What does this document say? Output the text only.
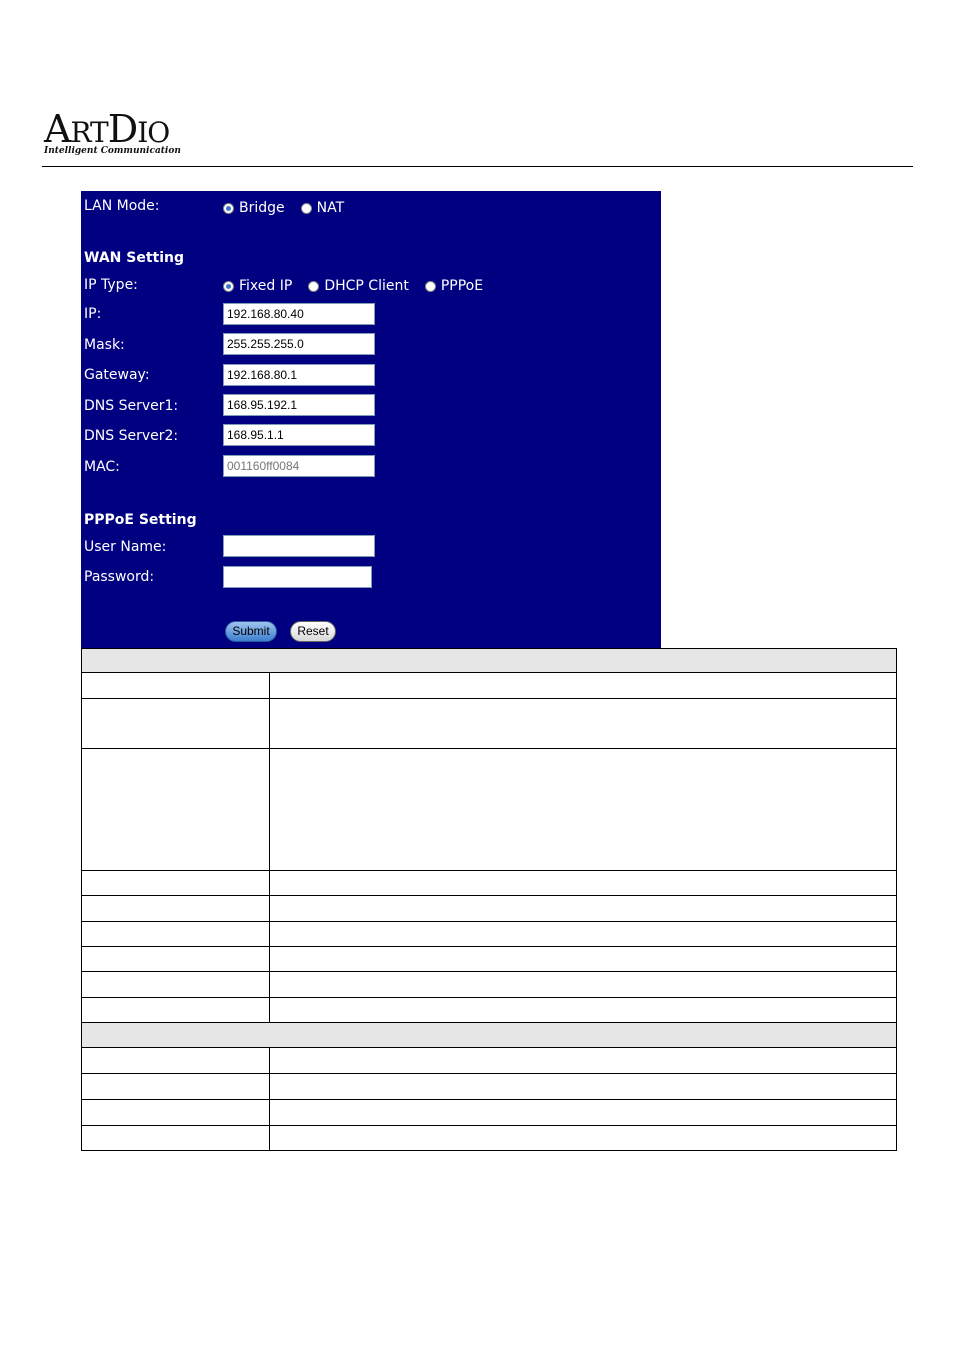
ARTDIO
Intelligent Communication
LAN Mode:	Bridge NAT
WAN Setting
IP Type:	Fixed IP DHCP Client PPPoE
IP:	192.168.80.40
Mask:	255.255.255.0
Gateway:	192.168.80.1
DNS Server1:	168.95.192.1
DNS Server2:	168.95.1.1
MAC:	001160ff0084
PPPoE Setting
User Name:
Password:
Submit	Reset
